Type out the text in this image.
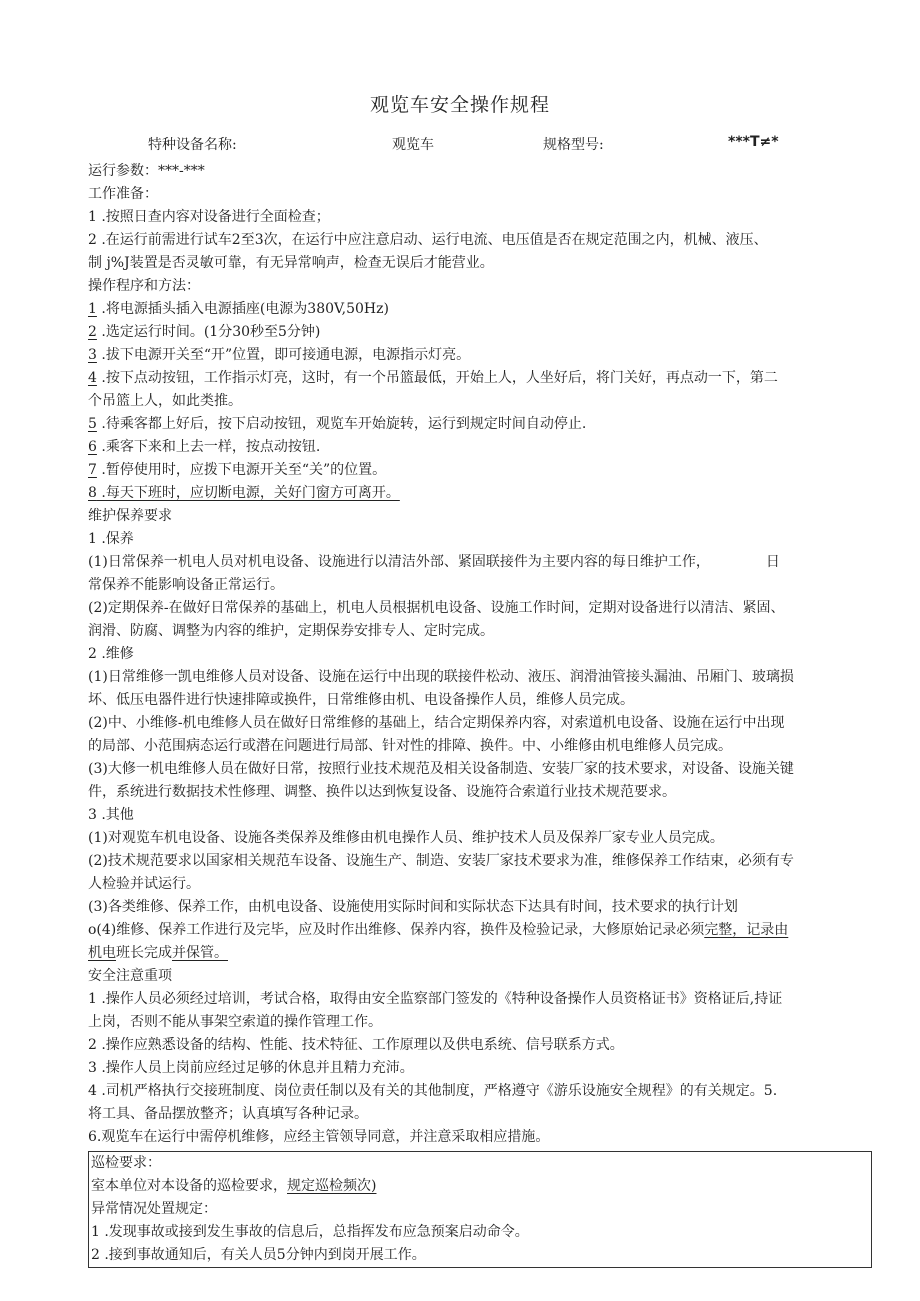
观览车安全操作规程
特种设备名称:	观览车	规格型号:	***T≠*

运行参数：***-***

工作准备：

1 .按照日查内容对设备进行全面检查；

2 .在运行前需进行试车2至3次，在运行中应注意启动、运行电流、电压值是否在规定范围之内，机械、液压、

制 j%J装置是否灵敏可靠，有无异常响声，检查无误后才能营业。

操作程序和方法：

1 .将电源插头插入电源插座(电源为380V,50Hz)

2 .选定运行时间。(1分30秒至5分钟)

3 .拔下电源开关至“开”位置，即可接通电源，电源指示灯亮。

4 .按下点动按钮，工作指示灯亮，这时，有一个吊篮最低，开始上人，人坐好后，将门关好，再点动一下，第二

个吊篮上人，如此类推。

5 .待乘客都上好后，按下启动按钮，观览车开始旋转，运行到规定时间自动停止.

6 .乘客下来和上去一样，按点动按钮.

7 .暂停使用时，应拨下电源开关至“关”的位置。

8 .每天下班时，应切断电源，关好门窗方可离开。

维护保养要求

1 .保养

(1)日常保养一机电人员对机电设备、设施进行以清洁外部、紧固联接件为主要内容的每日维护工作，	日

常保养不能影响设备正常运行。

(2)定期保养-在做好日常保养的基础上，机电人员根据机电设备、设施工作时间，定期对设备进行以清洁、紧固、

润滑、防腐、调整为内容的维护，定期保券安排专人、定时完成。

2 .维修

(1)日常维修一凯电维修人员对设备、设施在运行中出现的联接件松动、液压、润滑油管接头漏油、吊厢门、玻璃损

坏、低压电器件进行快速排障或换件，日常维修由机、电设备操作人员，维修人员完成。

(2)中、小维修-机电维修人员在做好日常维修的基础上，结合定期保养内容，对索道机电设备、设施在运行中出现

的局部、小范围病态运行或潜在问题进行局部、针对性的排障、换件。中、小维修由机电维修人员完成。

(3)大修一机电维修人员在做好日常，按照行业技术规范及相关设备制造、安装厂家的技术要求，对设备、设施关键

件，系统进行数据技术性修理、调整、换件以达到恢复设备、设施符合索道行业技术规范要求。

3 .其他

(1)对观览车机电设备、设施各类保养及维修由机电操作人员、维护技术人员及保养厂家专业人员完成。

(2)技术规范要求以国家相关规范车设备、设施生产、制造、安装厂家技术要求为准，维修保养工作结束，必须有专

人检验并试运行。

(3)各类维修、保养工作，由机电设备、设施使用实际时间和实际状态下达具有时间，技术要求的执行计划

o(4)维修、保养工作进行及完毕，应及时作出维修、保养内容，换件及检验记录，大修原始记录必须完整，记录由

机电班长完成并保管。

安全注意重项

1 .操作人员必须经过培训，考试合格，取得由安全监察部门签发的《特种设备操作人员资格证书》资格证后,持证

上岗，否则不能从事架空索道的操作管理工作。

2 .操作应熟悉设备的结构、性能、技术特征、工作原理以及供电系统、信号联系方式。

3 .操作人员上岗前应经过足够的休息并且精力充沛。

4 .司机严格执行交接班制度、岗位责任制以及有关的其他制度，严格遵守《游乐设施安全规程》的有关规定。5.

将工具、备品摆放整齐；认真填写各种记录。

6.观览车在运行中需停机维修，应经主管领导同意，并注意采取相应措施。

巡检要求：

室本单位对本设备的巡检要求，规定巡检频次)

异常情况处置规定：

1 .发现事故或接到发生事故的信息后，总指挥发布应急预案启动命令。

2 .接到事故通知后，有关人员5分钟内到岗开展工作。
